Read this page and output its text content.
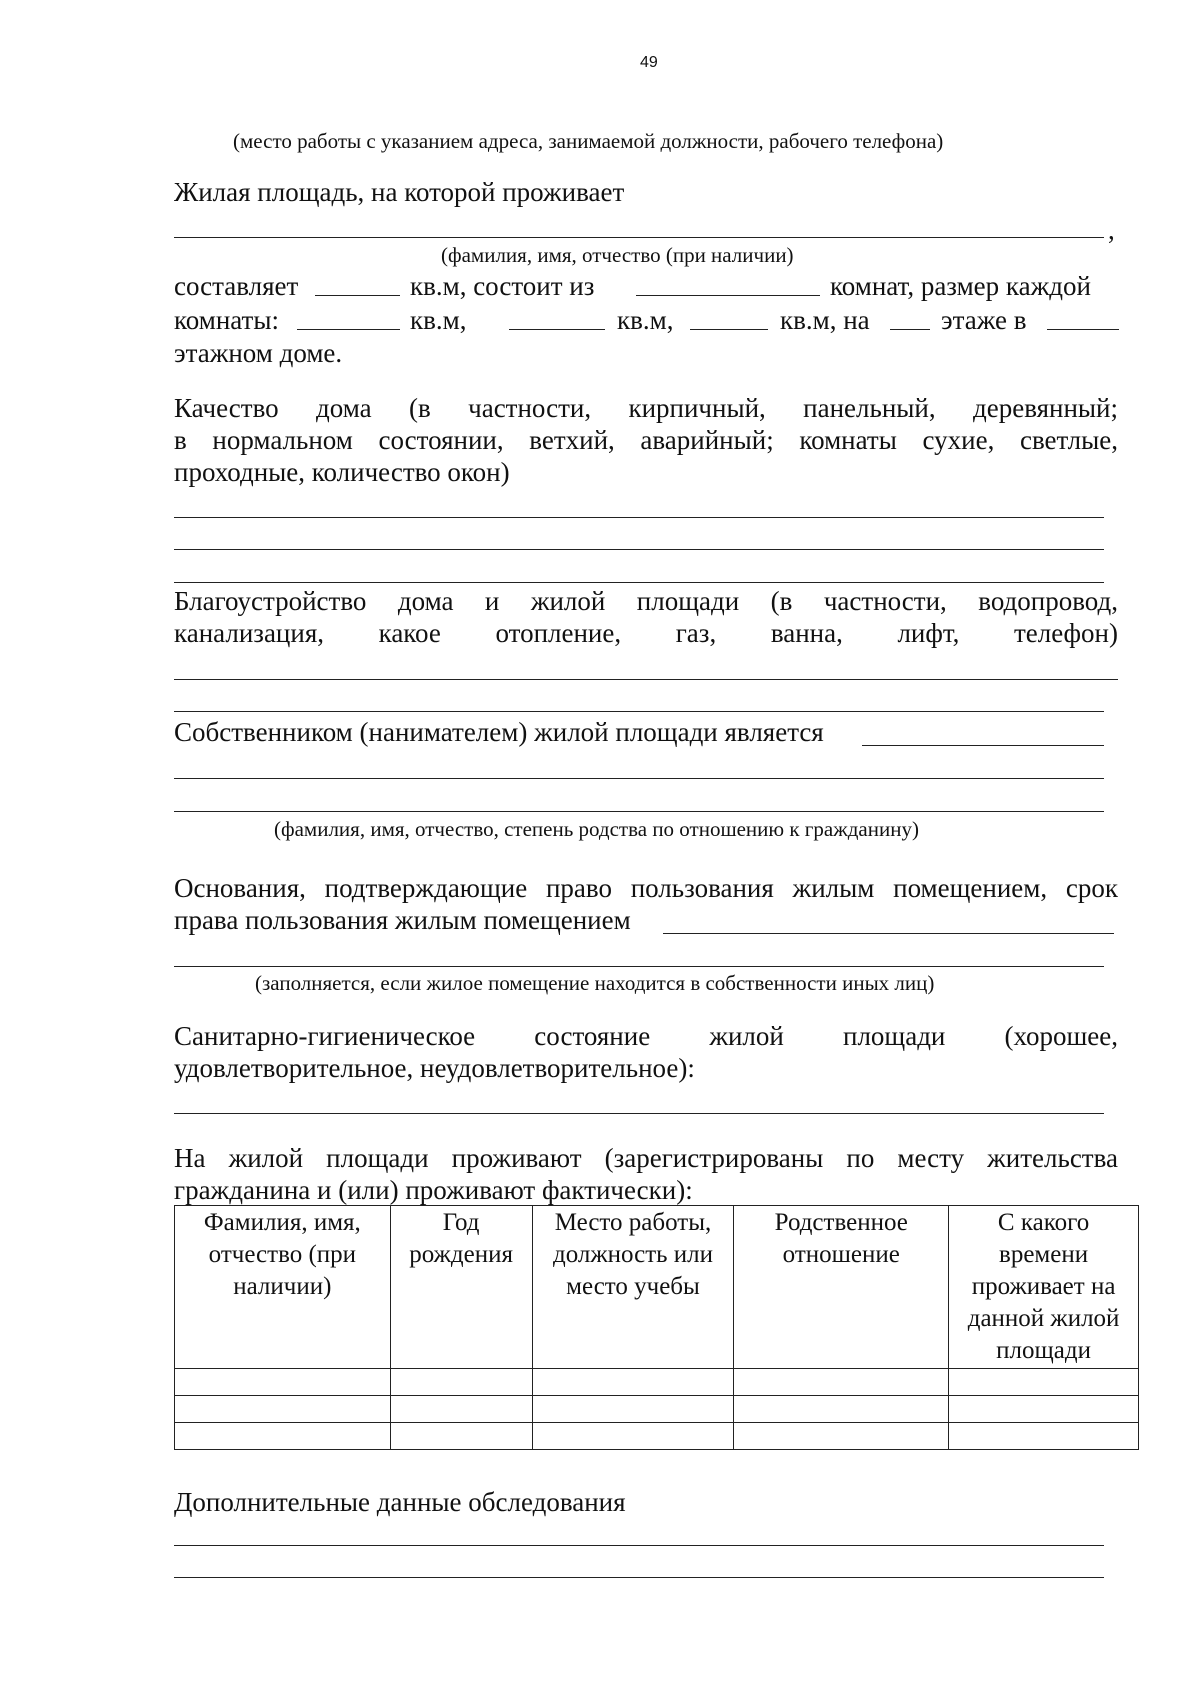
49
(место работы с указанием адреса, занимаемой должности, рабочего телефона)
Жилая площадь, на которой проживает
,
(фамилия, имя, отчество (при наличии)
составляет	кв.м, состоит из	комнат, размер каждой
комнаты:	кв.м,	кв.м,	кв.м, на	этаже в
этажном доме.
Качество дома (в частности, кирпичный, панельный, деревянный;
в нормальном состоянии, ветхий, аварийный; комнаты сухие, светлые,
проходные, количество окон)
Благоустройство дома и жилой площади (в частности, водопровод,
канализация, какое отопление, газ, ванна, лифт, телефон)
Собственником (нанимателем) жилой площади является
(фамилия, имя, отчество, степень родства по отношению к гражданину)
Основания, подтверждающие право пользования жилым помещением, срок
права пользования жилым помещением
(заполняется, если жилое помещение находится в собственности иных лиц)
Санитарно-гигиеническое состояние жилой площади (хорошее,
удовлетворительное, неудовлетворительное):
На жилой площади проживают (зарегистрированы по месту жительства
гражданина и (или) проживают фактически):
Фамилия, имя, отчество (при наличии)	Год рождения	Место работы, должность или место учебы	Родственное отношение	С какого времени проживает на данной жилой площади

Дополнительные данные обследования
